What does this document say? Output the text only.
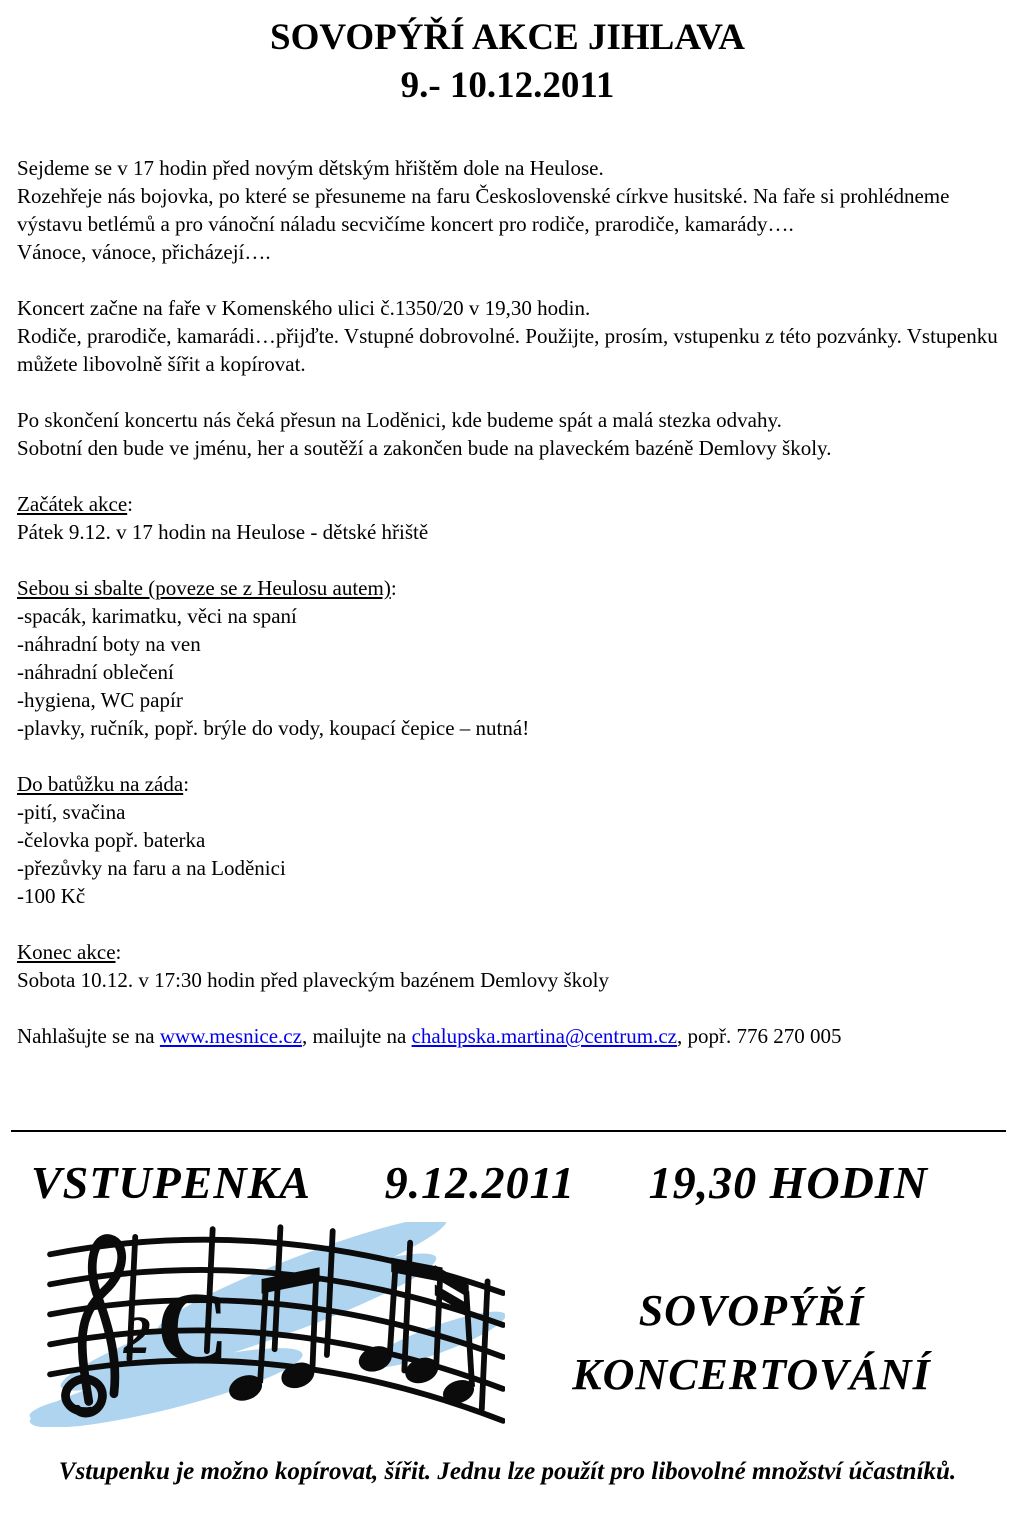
SOVOPÝŘÍ AKCE JIHLAVA
9.- 10.12.2011

Sejdeme se v 17 hodin před novým dětským hřištěm dole na Heulose.

Rozehřeje nás bojovka, po které se přesuneme na faru Československé církve husitské. Na faře si prohlédneme výstavu betlémů a pro vánoční náladu secvičíme koncert pro rodiče, prarodiče, kamarády….

Vánoce, vánoce, přicházejí….

Koncert začne na faře v Komenského ulici č.1350/20 v 19,30 hodin.

Rodiče, prarodiče, kamarádi…přijďte. Vstupné dobrovolné. Použijte, prosím, vstupenku z této pozvánky. Vstupenku můžete libovolně šířit a kopírovat.

Po skončení koncertu nás čeká přesun na Loděnici, kde budeme spát a malá stezka odvahy.

Sobotní den bude ve jménu, her a soutěží a zakončen bude na plaveckém bazéně Demlovy školy.

Začátek akce:

Pátek 9.12. v 17 hodin na Heulose - dětské hřiště

Sebou si sbalte (poveze se z Heulosu autem):

-spacák, karimatku, věci na spaní

-náhradní boty na ven

-náhradní oblečení

-hygiena, WC papír

-plavky, ručník, popř. brýle do vody, koupací čepice – nutná!

Do batůžku na záda:

-pití, svačina

-čelovka popř. baterka

-přezůvky na faru a na Loděnici

-100 Kč

Konec akce:

Sobota 10.12. v 17:30 hodin před plaveckým bazénem Demlovy školy

Nahlašujte se na www.mesnice.cz, mailujte na chalupska.martina@centrum.cz, popř. 776 270 005

VSTUPENKA 9.12.2011 19,30 HODIN
2 C	SOVOPÝŘÍ
KONCERTOVÁNÍ
Vstupenku je možno kopírovat, šířit. Jednu lze použít pro libovolné množství účastníků.
